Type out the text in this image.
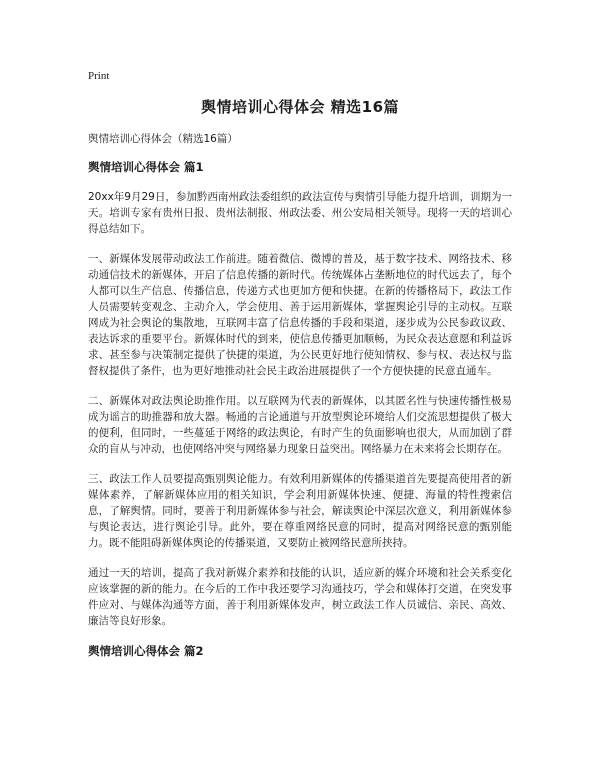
Print
舆情培训心得体会 精选16篇

舆情培训心得体会（精选16篇）

舆情培训心得体会 篇1

20xx年9月29日，参加黔西南州政法委组织的政法宣传与舆情引导能力提升培训，训期为一天。培训专家有贵州日报、贵州法制报、州政法委、州公安局相关领导。现将一天的培训心得总结如下。

一、新媒体发展带动政法工作前进。随着微信、微博的普及，基于数字技术、网络技术、移动通信技术的新媒体，开启了信息传播的新时代。传统媒体占垄断地位的时代远去了，每个人都可以生产信息、传播信息，传递方式也更加方便和快捷。在新的传播格局下，政法工作人员需要转变观念、主动介入，学会使用、善于运用新媒体，掌握舆论引导的主动权。互联网成为社会舆论的集散地，互联网丰富了信息传播的手段和渠道，逐步成为公民参政议政、表达诉求的重要平台。新媒体时代的到来，使信息传播更加顺畅，为民众表达意愿和利益诉求、甚至参与决策制定提供了快捷的渠道，为公民更好地行使知情权、参与权、表达权与监督权提供了条件，也为更好地推动社会民主政治进展提供了一个方便快捷的民意直通车。

二、新媒体对政法舆论助推作用。以互联网为代表的新媒体，以其匿名性与快速传播性极易成为谣言的助推器和放大器。畅通的言论通道与开放型舆论环境给人们交流思想提供了极大的便利，但同时，一些蔓延于网络的政法舆论，有时产生的负面影响也很大，从而加剧了群众的盲从与冲动，也使网络冲突与网络暴力现象日益突出。网络暴力在未来将会长期存在。

三、政法工作人员要提高甄别舆论能力。有效利用新媒体的传播渠道首先要提高使用者的新媒体素养，了解新媒体应用的相关知识，学会利用新媒体快速、便捷、海量的特性搜索信息，了解舆情。同时，要善于利用新媒体参与社会，解读舆论中深层次意义，利用新媒体参与舆论表达，进行舆论引导。此外，要在尊重网络民意的同时，提高对网络民意的甄别能力。既不能阻碍新媒体舆论的传播渠道，又要防止被网络民意所挟持。

通过一天的培训，提高了我对新媒介素养和技能的认识，适应新的媒介环境和社会关系变化应该掌握的新的能力。在今后的工作中我还要学习沟通技巧，学会和媒体打交道，在突发事件应对、与媒体沟通等方面，善于利用新媒体发声，树立政法工作人员诚信、亲民、高效、廉洁等良好形象。

舆情培训心得体会 篇2
